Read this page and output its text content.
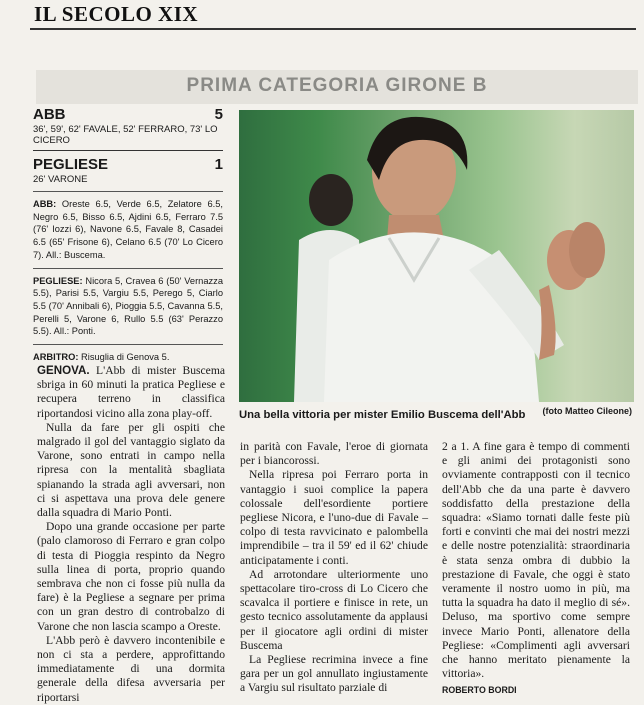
IL SECOLO XIX
PRIMA CATEGORIA GIRONE B
ABB	5
36', 59', 62' FAVALE, 52' FERRARO, 73' LO CICERO
PEGLIESE	1
26' VARONE
ABB: Oreste 6.5, Verde 6.5, Zelatore 6.5, Negro 6.5, Bisso 6.5, Ajdini 6.5, Ferraro 7.5 (76' Iozzi 6), Navone 6.5, Favale 8, Casadei 6.5 (65' Frisone 6), Celano 6.5 (70' Lo Cicero 7). All.: Buscema.
PEGLIESE: Nicora 5, Cravea 6 (50' Vernazza 5.5), Parisi 5.5, Vargiu 5.5, Perego 5, Ciarlo 5.5 (70' Annibali 6), Pioggia 5.5, Cavanna 5.5, Perelli 5, Varone 6, Rullo 5.5 (63' Perazzo 5.5). All.: Ponti.
ARBITRO: Risuglia di Genova 5.
Una bella vittoria per mister Emilio Buscema dell'Abb (foto Matteo Cileone)

GENOVA. L'Abb di mister Buscema sbriga in 60 minuti la pratica Pegliese e recupera terreno in classifica riportandosi vicino alla zona play-off.

Nulla da fare per gli ospiti che malgrado il gol del vantaggio siglato da Varone, sono entrati in campo nella ripresa con la mentalità sbagliata spianando la strada agli avversari, non ci si aspettava una prova dele genere dalla squadra di Mario Ponti.

Dopo una grande occasione per parte (palo clamoroso di Ferraro e gran colpo di testa di Pioggia respinto da Negro sulla linea di porta, proprio quando sembrava che non ci fosse più nulla da fare) è la Pegliese a segnare per prima con un gran destro di controbalzo di Varone che non lascia scampo a Oreste.

L'Abb però è davvero incontenibile e non ci sta a perdere, approfittando immediatamente di una dormita generale della difesa avversaria per riportarsi

in parità con Favale, l'eroe di giornata per i biancorossi.

Nella ripresa poi Ferraro porta in vantaggio i suoi complice la papera colossale dell'esordiente portiere pegliese Nicora, e l'uno-due di Favale – colpo di testa ravvicinato e palombella imprendibile – tra il 59' ed il 62' chiude anticipatamente i conti.

Ad arrotondare ulteriormente uno spettacolare tiro-cross di Lo Cicero che scavalca il portiere e finisce in rete, un gesto tecnico assolutamente da applausi per il giocatore agli ordini di mister Buscema

La Pegliese recrimina invece a fine gara per un gol annullato ingiustamente a Vargiu sul risultato parziale di

2 a 1. A fine gara è tempo di commenti e gli animi dei protagonisti sono ovviamente contrapposti con il tecnico dell'Abb che da una parte è davvero soddisfatto della prestazione della squadra: «Siamo tornati dalle feste più forti e convinti che mai dei nostri mezzi e delle nostre potenzialità: straordinaria è stata senza ombra di dubbio la prestazione di Favale, che oggi è stato veramente il nostro uomo in più, ma tutta la squadra ha dato il meglio di sé». Deluso, ma sportivo come sempre invece Mario Ponti, allenatore della Pegliese: «Complimenti agli avversari che hanno meritato pienamente la vittoria».

ROBERTO BORDI
